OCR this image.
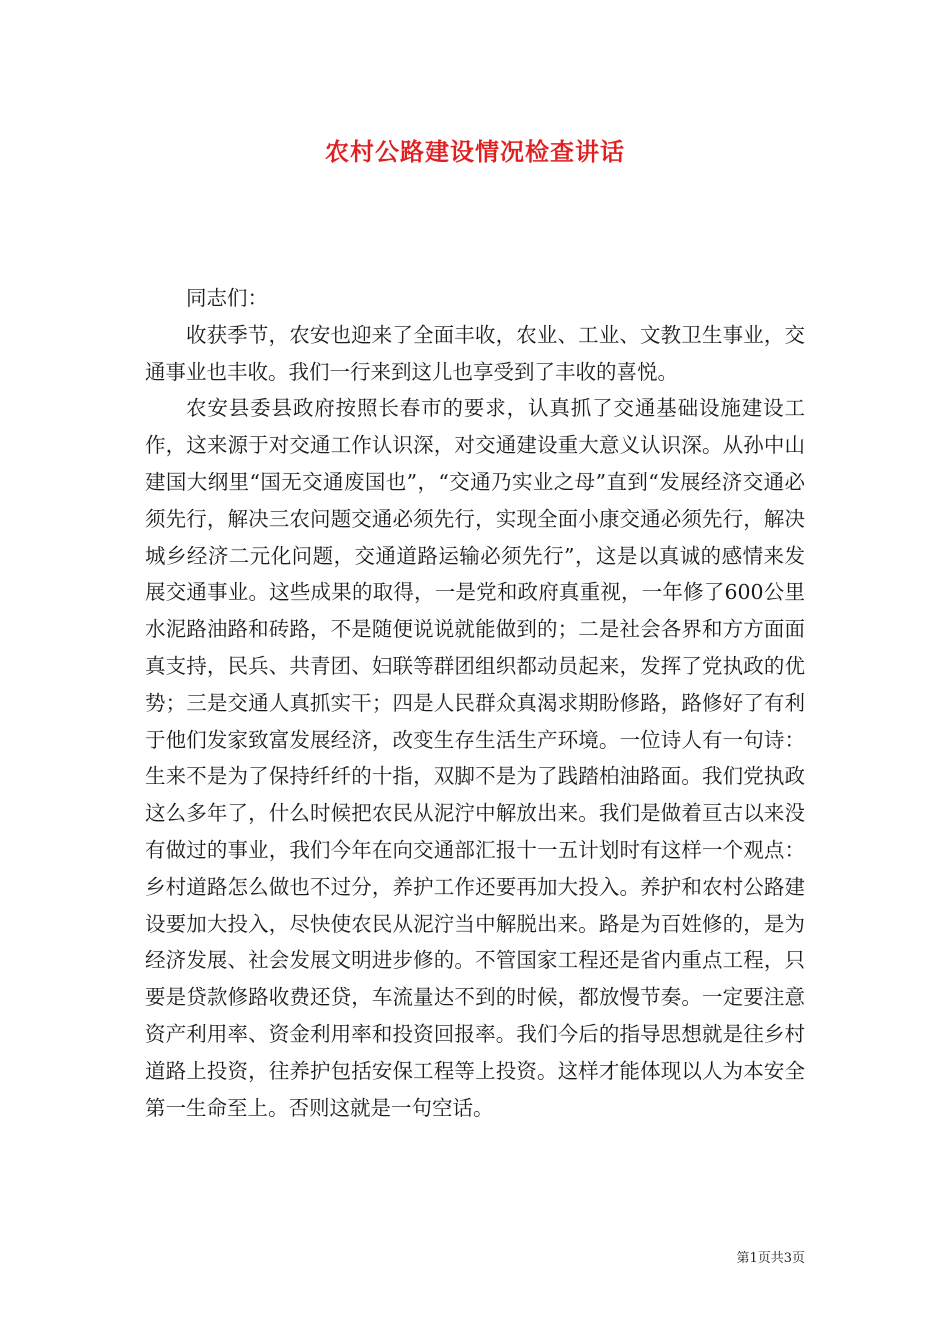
农村公路建设情况检查讲话

同志们：

收获季节，农安也迎来了全面丰收，农业、工业、文教卫生事业，交通事业也丰收。我们一行来到这儿也享受到了丰收的喜悦。

农安县委县政府按照长春市的要求，认真抓了交通基础设施建设工作，这来源于对交通工作认识深，对交通建设重大意义认识深。从孙中山建国大纲里“国无交通废国也”，“交通乃实业之母”直到“发展经济交通必须先行，解决三农问题交通必须先行，实现全面小康交通必须先行，解决城乡经济二元化问题，交通道路运输必须先行”，这是以真诚的感情来发展交通事业。这些成果的取得，一是党和政府真重视，一年修了600公里水泥路油路和砖路，不是随便说说就能做到的；二是社会各界和方方面面真支持，民兵、共青团、妇联等群团组织都动员起来，发挥了党执政的优势；三是交通人真抓实干；四是人民群众真渴求期盼修路，路修好了有利于他们发家致富发展经济，改变生存生活生产环境。一位诗人有一句诗：生来不是为了保持纤纤的十指，双脚不是为了践踏柏油路面。我们党执政这么多年了，什么时候把农民从泥泞中解放出来。我们是做着亘古以来没有做过的事业，我们今年在向交通部汇报十一五计划时有这样一个观点：乡村道路怎么做也不过分，养护工作还要再加大投入。养护和农村公路建设要加大投入，尽快使农民从泥泞当中解脱出来。路是为百姓修的，是为经济发展、社会发展文明进步修的。不管国家工程还是省内重点工程，只要是贷款修路收费还贷，车流量达不到的时候，都放慢节奏。一定要注意资产利用率、资金利用率和投资回报率。我们今后的指导思想就是往乡村道路上投资，往养护包括安保工程等上投资。这样才能体现以人为本安全第一生命至上。否则这就是一句空话。

第1页共3页
